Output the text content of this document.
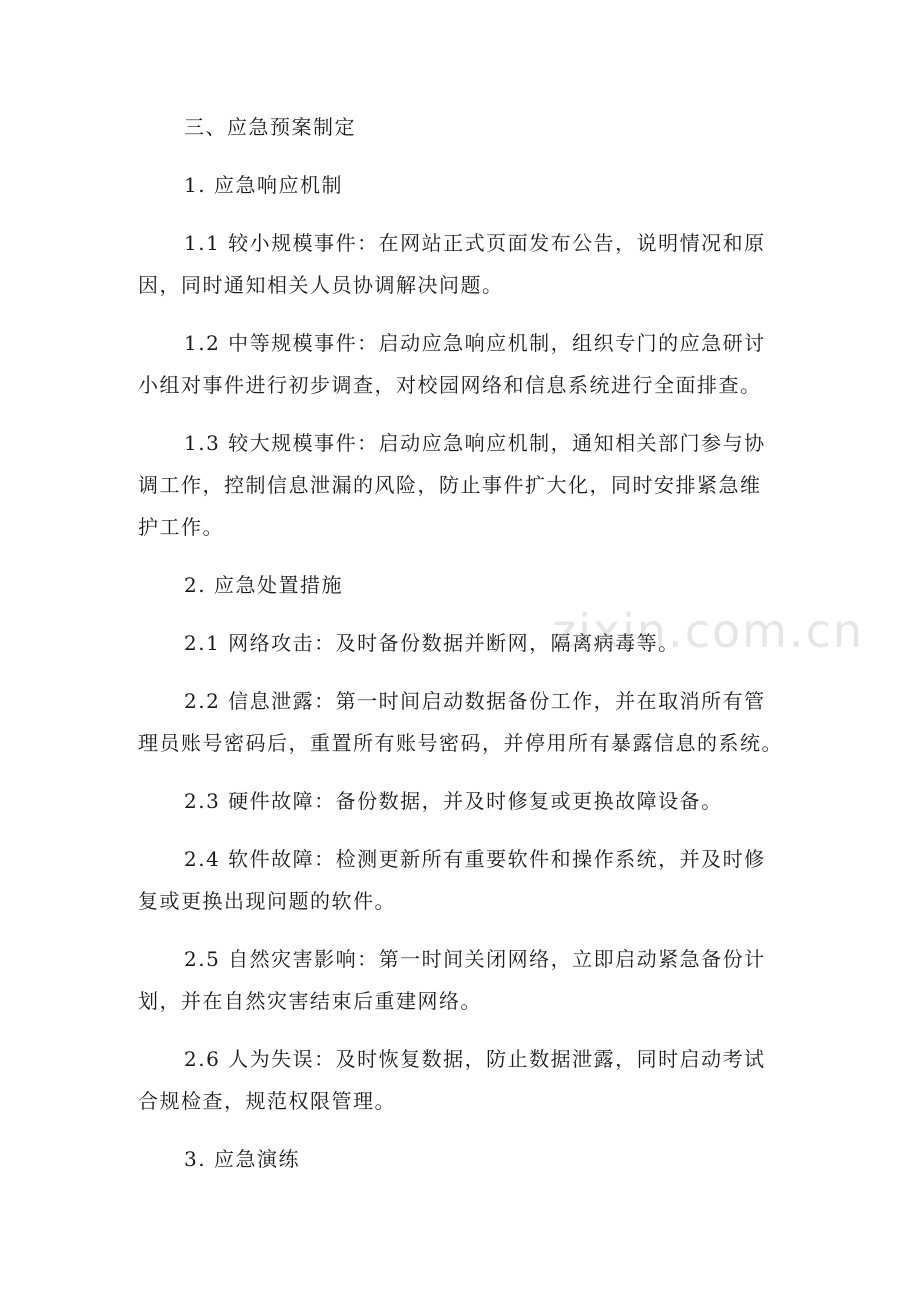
zixin.com.cn
三、应急预案制定
1. 应急响应机制
1.1 较小规模事件：在网站正式页面发布公告，说明情况和原
因，同时通知相关人员协调解决问题。
1.2 中等规模事件：启动应急响应机制，组织专门的应急研讨
小组对事件进行初步调查，对校园网络和信息系统进行全面排查。
1.3 较大规模事件：启动应急响应机制，通知相关部门参与协
调工作，控制信息泄漏的风险，防止事件扩大化，同时安排紧急维
护工作。
2. 应急处置措施
2.1 网络攻击：及时备份数据并断网，隔离病毒等。
2.2 信息泄露：第一时间启动数据备份工作，并在取消所有管
理员账号密码后，重置所有账号密码，并停用所有暴露信息的系统。
2.3 硬件故障：备份数据，并及时修复或更换故障设备。
2.4 软件故障：检测更新所有重要软件和操作系统，并及时修
复或更换出现问题的软件。
2.5 自然灾害影响：第一时间关闭网络，立即启动紧急备份计
划，并在自然灾害结束后重建网络。
2.6 人为失误：及时恢复数据，防止数据泄露，同时启动考试
合规检查，规范权限管理。
3. 应急演练
